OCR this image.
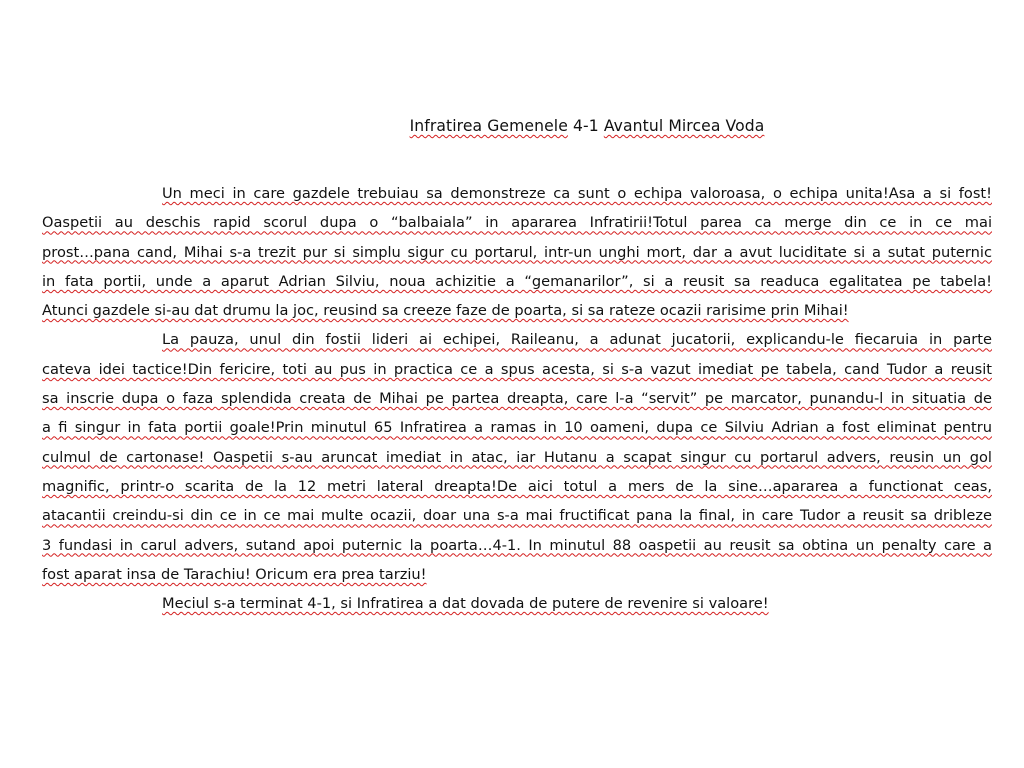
Infratirea Gemenele 4-1 Avantul Mircea Voda
Un meci in care gazdele trebuiau sa demonstreze ca sunt o echipa valoroasa, o echipa unita!Asa a si fost!
Oaspetii au deschis rapid scorul dupa o “balbaiala” in apararea Infratirii!Totul parea ca merge din ce in ce mai
prost…pana cand, Mihai s-a trezit pur si simplu sigur cu portarul, intr-un unghi mort, dar a avut luciditate si a sutat puternic
in fata portii, unde a aparut Adrian Silviu, noua achizitie a “gemanarilor”, si a reusit sa readuca egalitatea pe tabela!
Atunci gazdele si-au dat drumu la joc, reusind sa creeze faze de poarta, si sa rateze ocazii rarisime prin Mihai!
La pauza, unul din fostii lideri ai echipei, Raileanu, a adunat jucatorii, explicandu-le fiecaruia in parte
cateva idei tactice!Din fericire, toti au pus in practica ce a spus acesta, si s-a vazut imediat pe tabela, cand Tudor a reusit
sa inscrie dupa o faza splendida creata de Mihai pe partea dreapta, care l-a “servit” pe marcator, punandu-l in situatia de
a fi singur in fata portii goale!Prin minutul 65 Infratirea a ramas in 10 oameni, dupa ce Silviu Adrian a fost eliminat pentru
culmul de cartonase! Oaspetii s-au aruncat imediat in atac, iar Hutanu a scapat singur cu portarul advers, reusin un gol
magnific, printr-o scarita de la 12 metri lateral dreapta!De aici totul a mers de la sine…apararea a functionat ceas,
atacantii creindu-si din ce in ce mai multe ocazii, doar una s-a mai fructificat pana la final, in care Tudor a reusit sa dribleze
3 fundasi in carul advers, sutand apoi puternic la poarta…4-1. In minutul 88 oaspetii au reusit sa obtina un penalty care a
fost aparat insa de Tarachiu! Oricum era prea tarziu!
Meciul s-a terminat 4-1, si Infratirea a dat dovada de putere de revenire si valoare!
